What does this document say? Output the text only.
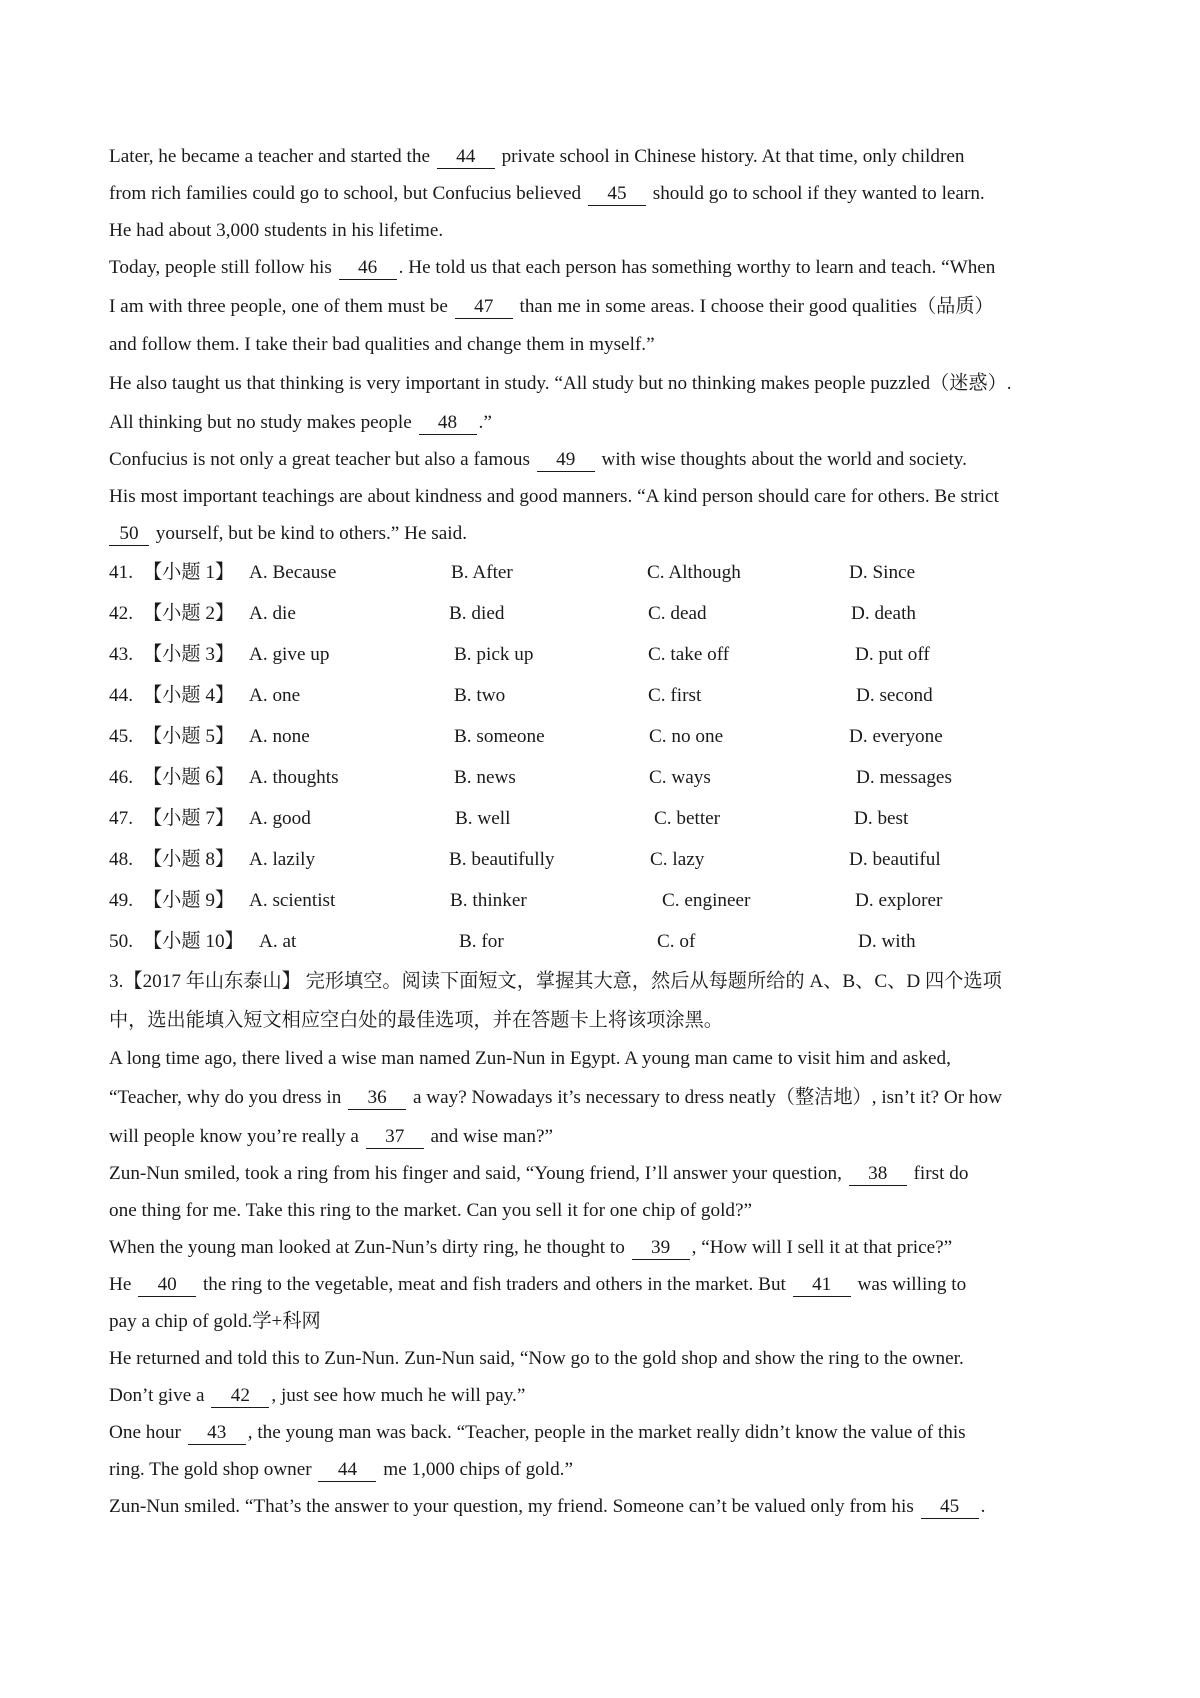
Later, he became a teacher and started the 44 private school in Chinese history. At that time, only children
from rich families could go to school, but Confucius believed 45 should go to school if they wanted to learn.
He had about 3,000 students in his lifetime.
Today, people still follow his 46 . He told us that each person has something worthy to learn and teach. “When
I am with three people, one of them must be 47 than me in some areas. I choose their good qualities（品质）
and follow them. I take their bad qualities and change them in myself.”
He also taught us that thinking is very important in study. “All study but no thinking makes people puzzled（迷惑）.
All thinking but no study makes people 48 .”
Confucius is not only a great teacher but also a famous 49 with wise thoughts about the world and society.
His most important teachings are about kindness and good manners. “A kind person should care for others. Be strict
50 yourself, but be kind to others.” He said.
41. 【小题 1】 A. Because	B. After	C. Although	D. Since
42. 【小题 2】 A. die	B. died	C. dead	D. death
43. 【小题 3】 A. give up	B. pick up	C. take off	D. put off
44. 【小题 4】 A. one	B. two	C. first	D. second
45. 【小题 5】 A. none	B. someone	C. no one	D. everyone
46. 【小题 6】 A. thoughts	B. news	C. ways	D. messages
47. 【小题 7】 A. good	B. well	C. better	D. best
48. 【小题 8】 A. lazily	B. beautifully	C. lazy	D. beautiful
49. 【小题 9】 A. scientist	B. thinker	C. engineer	D. explorer
50. 【小题 10】 A. at	B. for	C. of	D. with
3.【2017 年山东泰山】 完形填空。阅读下面短文，掌握其大意，然后从每题所给的 A、B、C、D 四个选项
中，选出能填入短文相应空白处的最佳选项，并在答题卡上将该项涂黑。
A long time ago, there lived a wise man named Zun-Nun in Egypt. A young man came to visit him and asked,
“Teacher, why do you dress in 36 a way? Nowadays it’s necessary to dress neatly（整洁地）, isn’t it? Or how
will people know you’re really a 37 and wise man?”
Zun-Nun smiled, took a ring from his finger and said, “Young friend, I’ll answer your question, 38 first do
one thing for me. Take this ring to the market. Can you sell it for one chip of gold?”
When the young man looked at Zun-Nun’s dirty ring, he thought to 39 , “How will I sell it at that price?”
He 40 the ring to the vegetable, meat and fish traders and others in the market. But 41 was willing to
pay a chip of gold.学+科网
He returned and told this to Zun-Nun. Zun-Nun said, “Now go to the gold shop and show the ring to the owner.
Don’t give a 42 , just see how much he will pay.”
One hour 43 , the young man was back. “Teacher, people in the market really didn’t know the value of this
ring. The gold shop owner 44 me 1,000 chips of gold.”
Zun-Nun smiled. “That’s the answer to your question, my friend. Someone can’t be valued only from his 45 .
